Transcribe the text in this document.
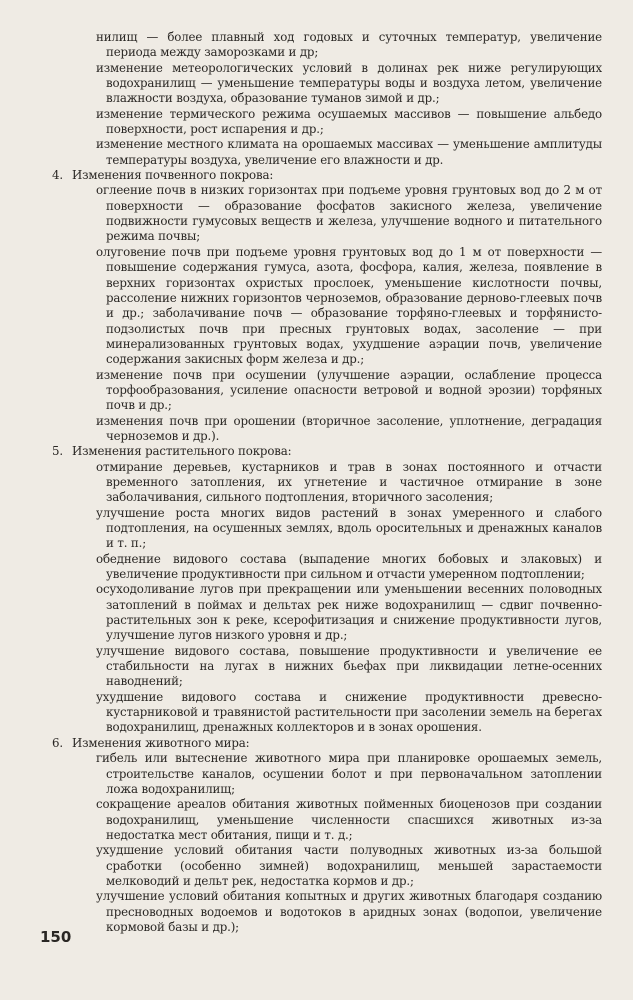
нилищ — более плавный ход годовых и суточных температур, увеличение периода между заморозками и др;

изменение метеорологических условий в долинах рек ниже регулирующих водохранилищ — уменьшение температуры воды и воздуха летом, увеличение влажности воздуха, образование туманов зимой и др.;

изменение термического режима осушаемых массивов — повышение альбедо поверхности, рост испарения и др.;

изменение местного климата на орошаемых массивах — уменьшение амплитуды температуры воздуха, увеличение его влажности и др.

4. Изменения почвенного покрова:

оглеение почв в низких горизонтах при подъеме уровня грунтовых вод до 2 м от поверхности — образование фосфатов закисного железа, увеличение подвижности гумусовых веществ и железа, улучшение водного и питательного режима почвы;

олуговение почв при подъеме уровня грунтовых вод до 1 м от поверхности — повышение содержания гумуса, азота, фосфора, калия, железа, появление в верхних горизонтах охристых прослоек, уменьшение кислотности почвы, рассоление нижних горизонтов черноземов, образование дерново-глеевых почв и др.; заболачивание почв — образование торфяно-глеевых и торфянисто-подзолистых почв при пресных грунтовых водах, засоление — при минерализованных грунтовых водах, ухудшение аэрации почв, увеличение содержания закисных форм железа и др.;

изменение почв при осушении (улучшение аэрации, ослабление процесса торфообразования, усиление опасности ветровой и водной эрозии) торфяных почв и др.;

изменения почв при орошении (вторичное засоление, уплотнение, деградация черноземов и др.).

5. Изменения растительного покрова:

отмирание деревьев, кустарников и трав в зонах постоянного и отчасти временного затопления, их угнетение и частичное отмирание в зоне заболачивания, сильного подтопления, вторичного засоления;

улучшение роста многих видов растений в зонах умеренного и слабого подтопления, на осушенных землях, вдоль оросительных и дренажных каналов и т. п.;

обеднение видового состава (выпадение многих бобовых и злаковых) и увеличение продуктивности при сильном и отчасти умеренном подтоплении;

осуходоливание лугов при прекращении или уменьшении весенних половодных затоплений в поймах и дельтах рек ниже водохранилищ — сдвиг почвенно-растительных зон к реке, ксерофитизация и снижение продуктивности лугов, улучшение лугов низкого уровня и др.;

улучшение видового состава, повышение продуктивности и увеличение ее стабильности на лугах в нижних бьефах при ликвидации летне-осенних наводнений;

ухудшение видового состава и снижение продуктивности древесно-кустарниковой и травянистой растительности при засолении земель на берегах водохранилищ, дренажных коллекторов и в зонах орошения.

6. Изменения животного мира:

гибель или вытеснение животного мира при планировке орошаемых земель, строительстве каналов, осушении болот и при первоначальном затоплении ложа водохранилищ;

сокращение ареалов обитания животных пойменных биоценозов при создании водохранилищ, уменьшение численности спасшихся животных из-за недостатка мест обитания, пищи и т. д.;

ухудшение условий обитания части полуводных животных из-за большой сработки (особенно зимней) водохранилищ, меньшей зарастаемости мелководий и дельт рек, недостатка кормов и др.;

улучшение условий обитания копытных и других животных благодаря созданию пресноводных водоемов и водотоков в аридных зонах (водопои, увеличение кормовой базы и др.);

150
